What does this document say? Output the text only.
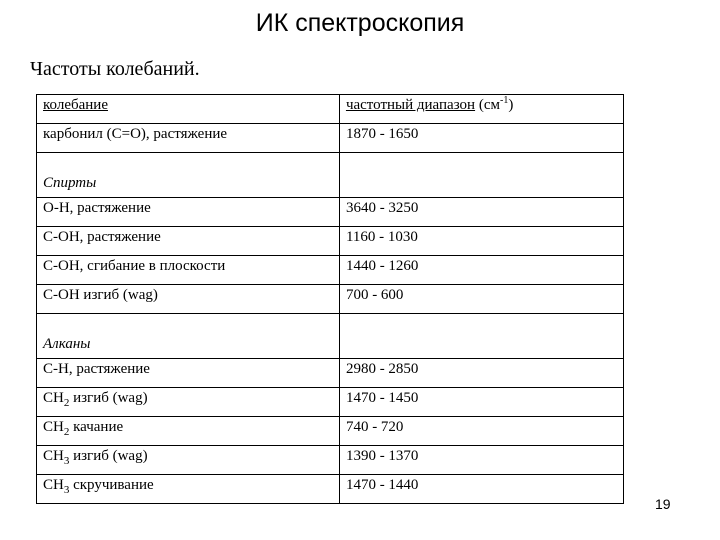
ИК спектроскопия
Частоты колебаний.
колебание	частотный диапазон $(см^{-1})$
карбонил (С=О), растяжение	1870 - 1650
Спирты	
О-Н, растяжение	3640 - 3250
С-ОН, растяжение	1160 - 1030
С-ОН, сгибание в плоскости	1440 - 1260
С-ОН изгиб (wag)	700 - 600
Алканы	
С-Н, растяжение	2980 - 2850
$CH_2$ изгиб (wag)	1470 - 1450
$CH_2$ качание	740 - 720
$CH_3$ изгиб (wag)	1390 - 1370
$CH_3$ скручивание	1470 - 1440
19
